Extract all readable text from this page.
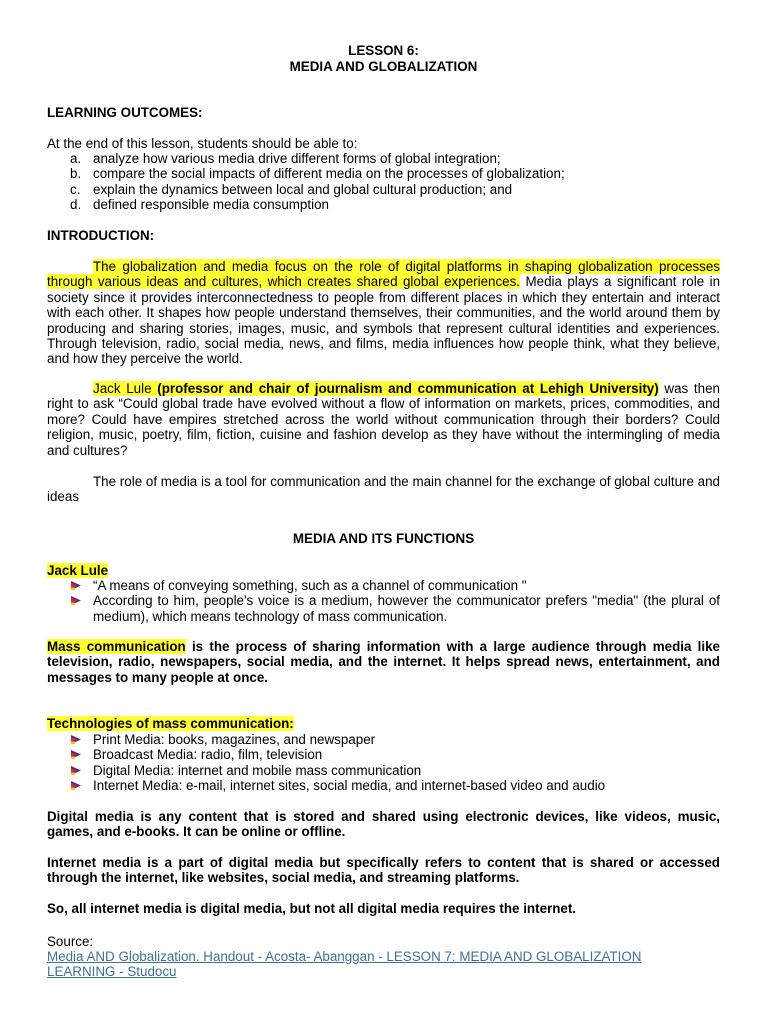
LESSON 6:
MEDIA AND GLOBALIZATION
LEARNING OUTCOMES:
At the end of this lesson, students should be able to:
a. analyze how various media drive different forms of global integration;
b. compare the social impacts of different media on the processes of globalization;
c. explain the dynamics between local and global cultural production; and
d. defined responsible media consumption
INTRODUCTION:

The globalization and media focus on the role of digital platforms in shaping globalization processes through various ideas and cultures, which creates shared global experiences. Media plays a significant role in society since it provides interconnectedness to people from different places in which they entertain and interact with each other. It shapes how people understand themselves, their communities, and the world around them by producing and sharing stories, images, music, and symbols that represent cultural identities and experiences. Through television, radio, social media, news, and films, media influences how people think, what they believe, and how they perceive the world.

Jack Lule (professor and chair of journalism and communication at Lehigh University) was then right to ask “Could global trade have evolved without a flow of information on markets, prices, commodities, and more? Could have empires stretched across the world without communication through their borders? Could religion, music, poetry, film, fiction, cuisine and fashion develop as they have without the intermingling of media and cultures?

The role of media is a tool for communication and the main channel for the exchange of global culture and ideas

MEDIA AND ITS FUNCTIONS
Jack Lule
“A means of conveying something, such as a channel of communication "
According to him, people's voice is a medium, however the communicator prefers "media" (the plural of medium), which means technology of mass communication.

Mass communication is the process of sharing information with a large audience through media like television, radio, newspapers, social media, and the internet. It helps spread news, entertainment, and messages to many people at once.

Technologies of mass communication:
Print Media: books, magazines, and newspaper
Broadcast Media: radio, film, television
Digital Media: internet and mobile mass communication
Internet Media: e-mail, internet sites, social media, and internet-based video and audio

Digital media is any content that is stored and shared using electronic devices, like videos, music, games, and e-books. It can be online or offline.

Internet media is a part of digital media but specifically refers to content that is shared or accessed through the internet, like websites, social media, and streaming platforms.

So, all internet media is digital media, but not all digital media requires the internet.

Source:
Media AND Globalization. Handout - Acosta- Abanggan - LESSON 7: MEDIA AND GLOBALIZATION LEARNING - Studocu
